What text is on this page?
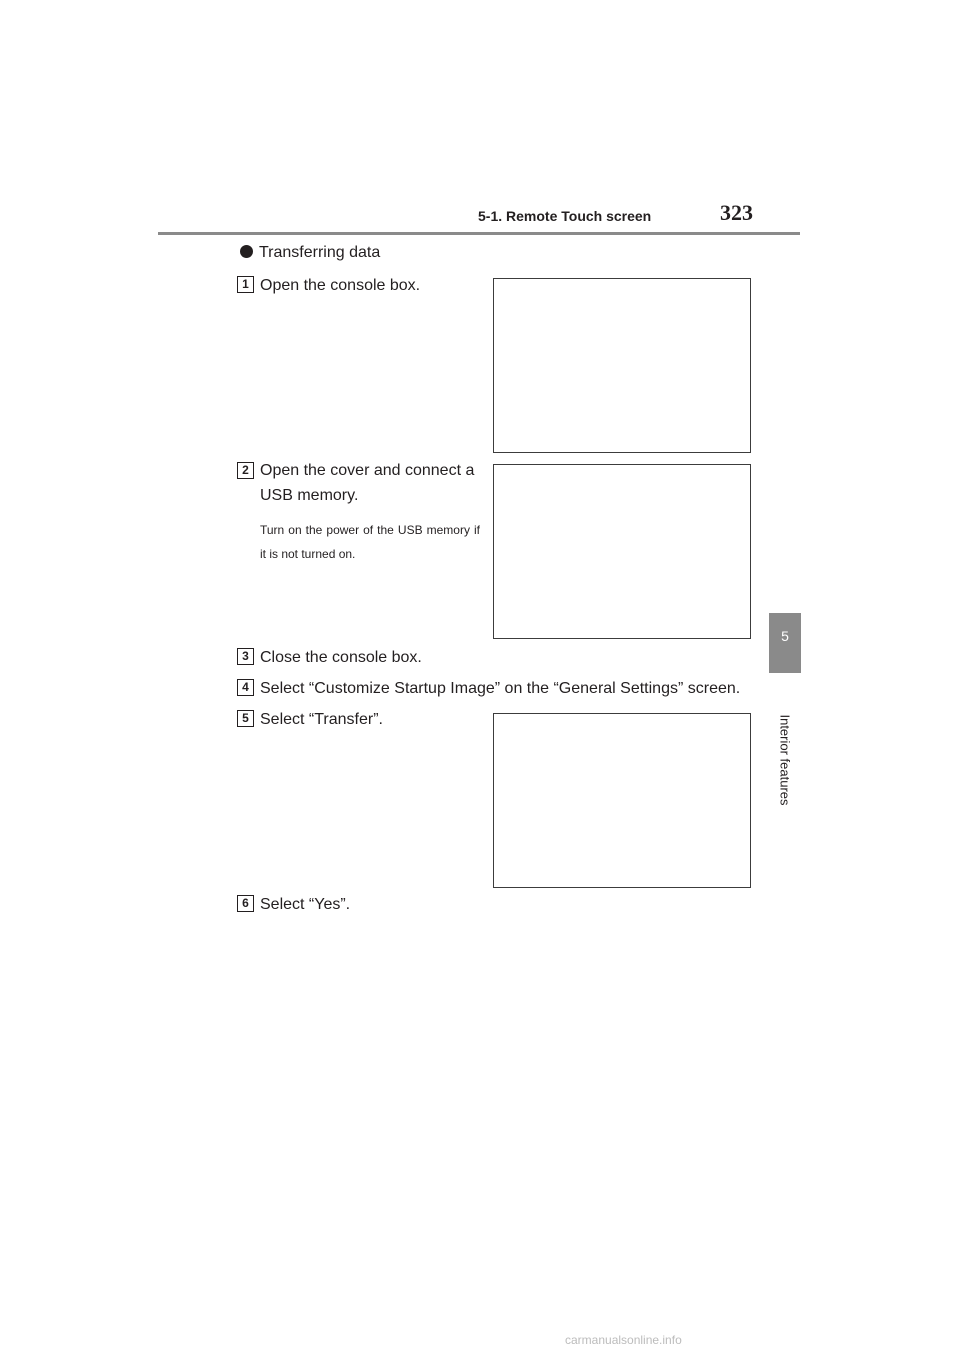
5-1. Remote Touch screen	323
5
Interior features
Transferring data
1 Open the console box.
2 Open the cover and connect a USB memory.
Turn on the power of the USB memory if it is not turned on.
3 Close the console box.
4 Select “Customize Startup Image” on the “General Settings” screen.
5 Select “Transfer”.
6 Select “Yes”.
carmanualsonline.info
